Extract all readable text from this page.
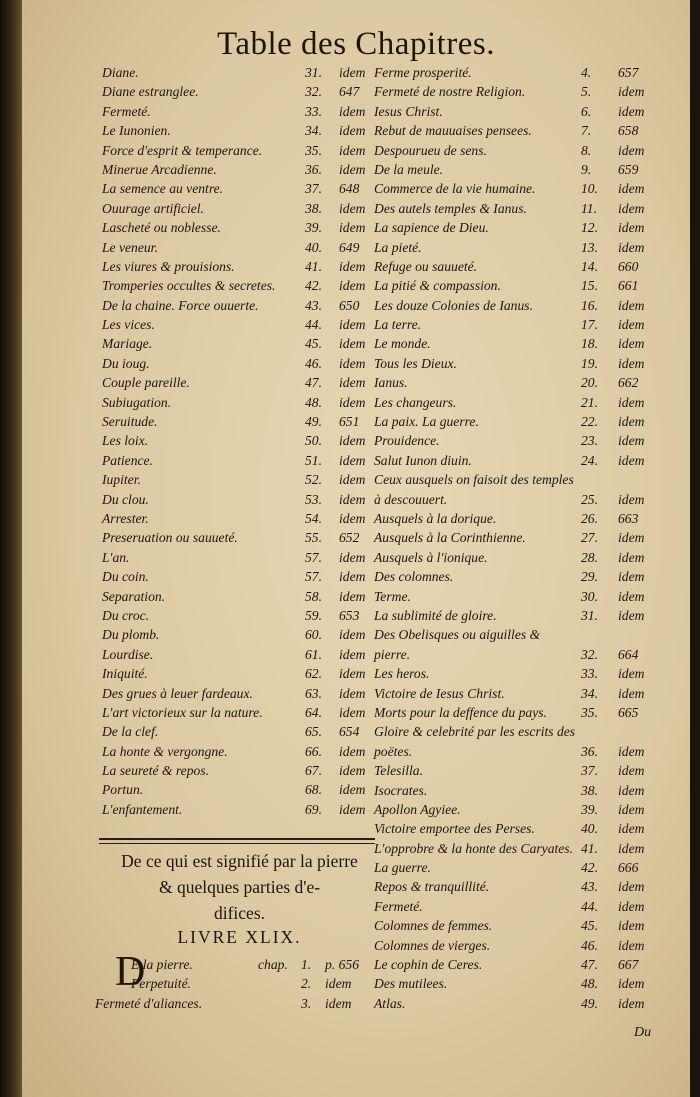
Table des Chapitres.
Diane.	31. idem
Diane estranglee.	32. 647
Fermeté.	33. idem
Le Iunonien.	34. idem
Force d'esprit & temperance.	35. idem
Minerue Arcadienne.	36. idem
La semence au ventre.	37. 648
Ouurage artificiel.	38. idem
Lascheté ou noblesse.	39. idem
Le veneur.	40. 649
Les viures & prouisions.	41. idem
Tromperies occultes & secretes.	42. idem
De la chaine. Force ouuerte.	43. 650
Les vices.	44. idem
Mariage.	45. idem
Du ioug.	46. idem
Couple pareille.	47. idem
Subiugation.	48. idem
Seruitude.	49. 651
Les loix.	50. idem
Patience.	51. idem
Iupiter.	52. idem
Du clou.	53. idem
Arrester.	54. idem
Preseruation ou sauueté.	55. 652
L'an.	57. idem
Du coin.	57. idem
Separation.	58. idem
Du croc.	59. 653
Du plomb.	60. idem
Lourdise.	61. idem
Iniquité.	62. idem
Des grues à leuer fardeaux.	63. idem
L'art victorieux sur la nature.	64. idem
De la clef.	65. 654
La honte & vergongne.	66. idem
La seureté & repos.	67. idem
Portun.	68. idem
L'enfantement.	69. idem
De ce qui est signifié par la pierre
& quelques parties d'e-
difices.
LIVRE XLIX.
D
E la pierre.	chap. 1. p. 656
Perpetuité.	2. idem
Fermeté d'aliances.	3. idem
Ferme prosperité.	4. 657
Fermeté de nostre Religion.	5. idem
Iesus Christ.	6. idem
Rebut de mauuaises pensees.	7. 658
Despourueu de sens.	8. idem
De la meule.	9. 659
Commerce de la vie humaine.	10. idem
Des autels temples & Ianus.	11. idem
La sapience de Dieu.	12. idem
La pieté.	13. idem
Refuge ou sauueté.	14. 660
La pitié & compassion.	15. 661
Les douze Colonies de Ianus.	16. idem
La terre.	17. idem
Le monde.	18. idem
Tous les Dieux.	19. idem
Ianus.	20. 662
Les changeurs.	21. idem
La paix. La guerre.	22. idem
Prouidence.	23. idem
Salut Iunon diuin.	24. idem
Ceux ausquels on faisoit des temples à descouuert.	25. idem
Ausquels à la dorique.	26. 663
Ausquels à la Corinthienne.	27. idem
Ausquels à l'ionique.	28. idem
Des colomnes.	29. idem
Terme.	30. idem
La sublimité de gloire.	31. idem
Des Obelisques ou aiguilles & pierre.	32. 664
Les heros.	33. idem
Victoire de Iesus Christ.	34. idem
Morts pour la deffence du pays.	35. 665
Gloire & celebrité par les escrits des poëtes.	36. idem
Telesilla.	37. idem
Isocrates.	38. idem
Apollon Agyiee.	39. idem
Victoire emportee des Perses.	40. idem
L'opprobre & la honte des Caryates. 41. idem
La guerre.	42. 666
Repos & tranquillité.	43. idem
Fermeté.	44. idem
Colomnes de femmes.	45. idem
Colomnes de vierges.	46. idem
Le cophin de Ceres.	47. 667
Des mutilees.	48. idem
Atlas.	49. idem
Du
